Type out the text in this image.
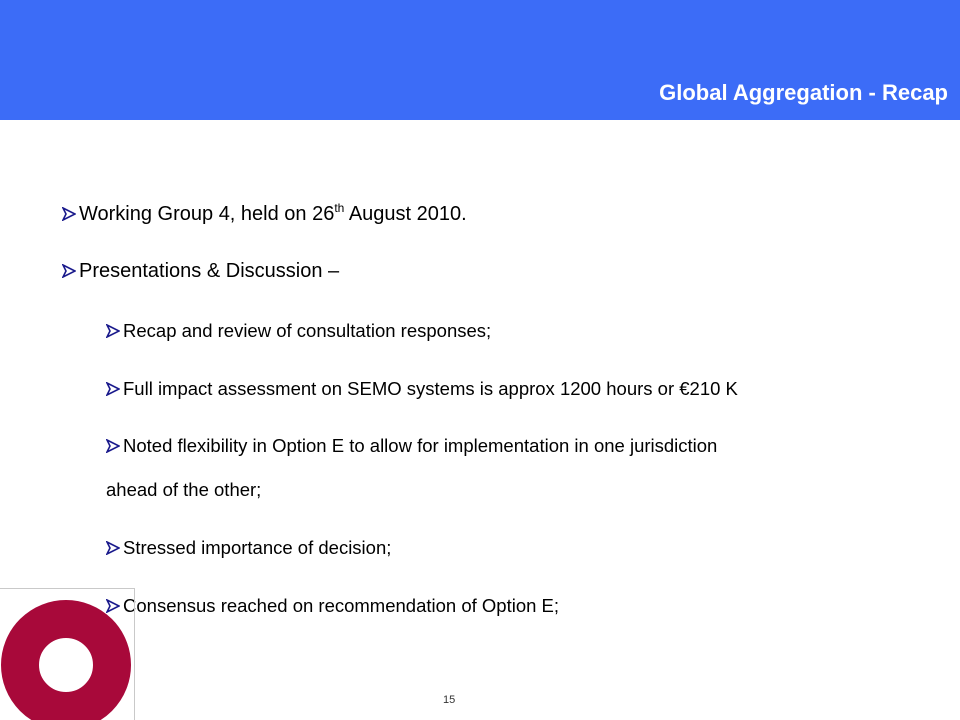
Global Aggregation - Recap
Working Group 4, held on 26th August 2010.
Presentations & Discussion –
Recap and review of consultation responses;
Full impact assessment on SEMO systems is approx 1200 hours or €210 K
Noted flexibility in Option E to allow for implementation in one jurisdiction
ahead of the other;
Stressed importance of decision;
Consensus reached on recommendation of Option E;
15
